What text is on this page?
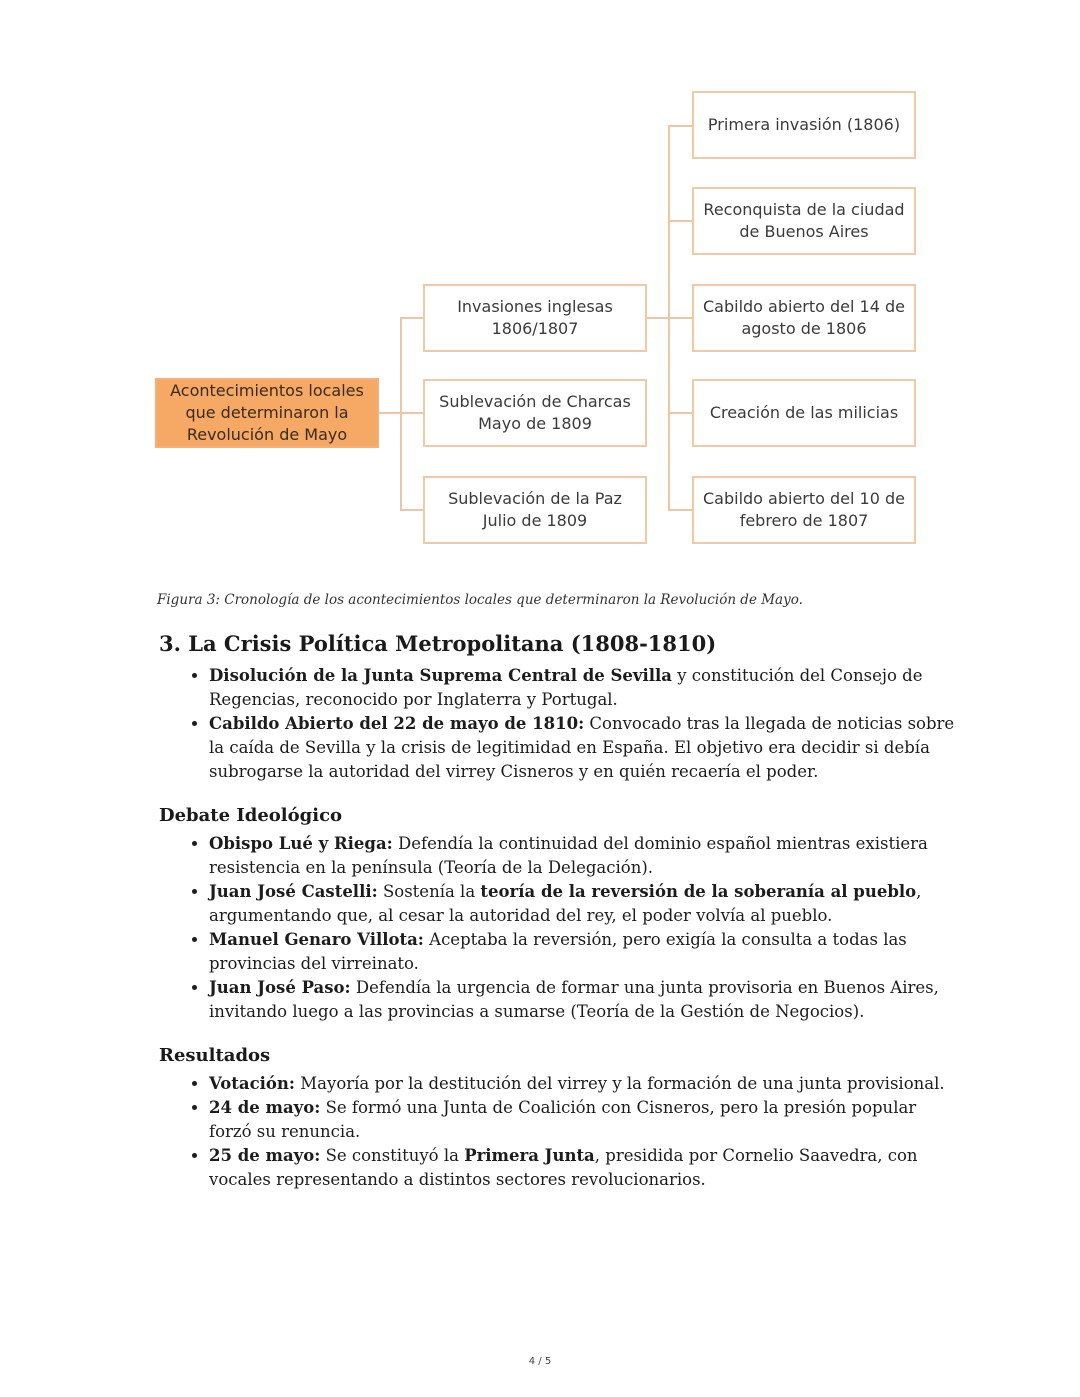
Acontecimientos locales que determinaron la Revolución de Mayo
Invasiones inglesas 1806/1807
Sublevación de Charcas Mayo de 1809
Sublevación de la Paz Julio de 1809
Primera invasión (1806)
Reconquista de la ciudad de Buenos Aires
Cabildo abierto del 14 de agosto de 1806
Creación de las milicias
Cabildo abierto del 10 de febrero de 1807
Figura 3: Cronología de los acontecimientos locales que determinaron la Revolución de Mayo.
3. La Crisis Política Metropolitana (1808-1810)
• Disolución de la Junta Suprema Central de Sevilla y constitución del Consejo de Regencias, reconocido por Inglaterra y Portugal.
• Cabildo Abierto del 22 de mayo de 1810: Convocado tras la llegada de noticias sobre la caída de Sevilla y la crisis de legitimidad en España. El objetivo era decidir si debía subrogarse la autoridad del virrey Cisneros y en quién recaería el poder.
Debate Ideológico
• Obispo Lué y Riega: Defendía la continuidad del dominio español mientras existiera resistencia en la península (Teoría de la Delegación).
• Juan José Castelli: Sostenía la teoría de la reversión de la soberanía al pueblo, argumentando que, al cesar la autoridad del rey, el poder volvía al pueblo.
• Manuel Genaro Villota: Aceptaba la reversión, pero exigía la consulta a todas las provincias del virreinato.
• Juan José Paso: Defendía la urgencia de formar una junta provisoria en Buenos Aires, invitando luego a las provincias a sumarse (Teoría de la Gestión de Negocios).
Resultados
• Votación: Mayoría por la destitución del virrey y la formación de una junta provisional.
• 24 de mayo: Se formó una Junta de Coalición con Cisneros, pero la presión popular forzó su renuncia.
• 25 de mayo: Se constituyó la Primera Junta, presidida por Cornelio Saavedra, con vocales representando a distintos sectores revolucionarios.
4 / 5
